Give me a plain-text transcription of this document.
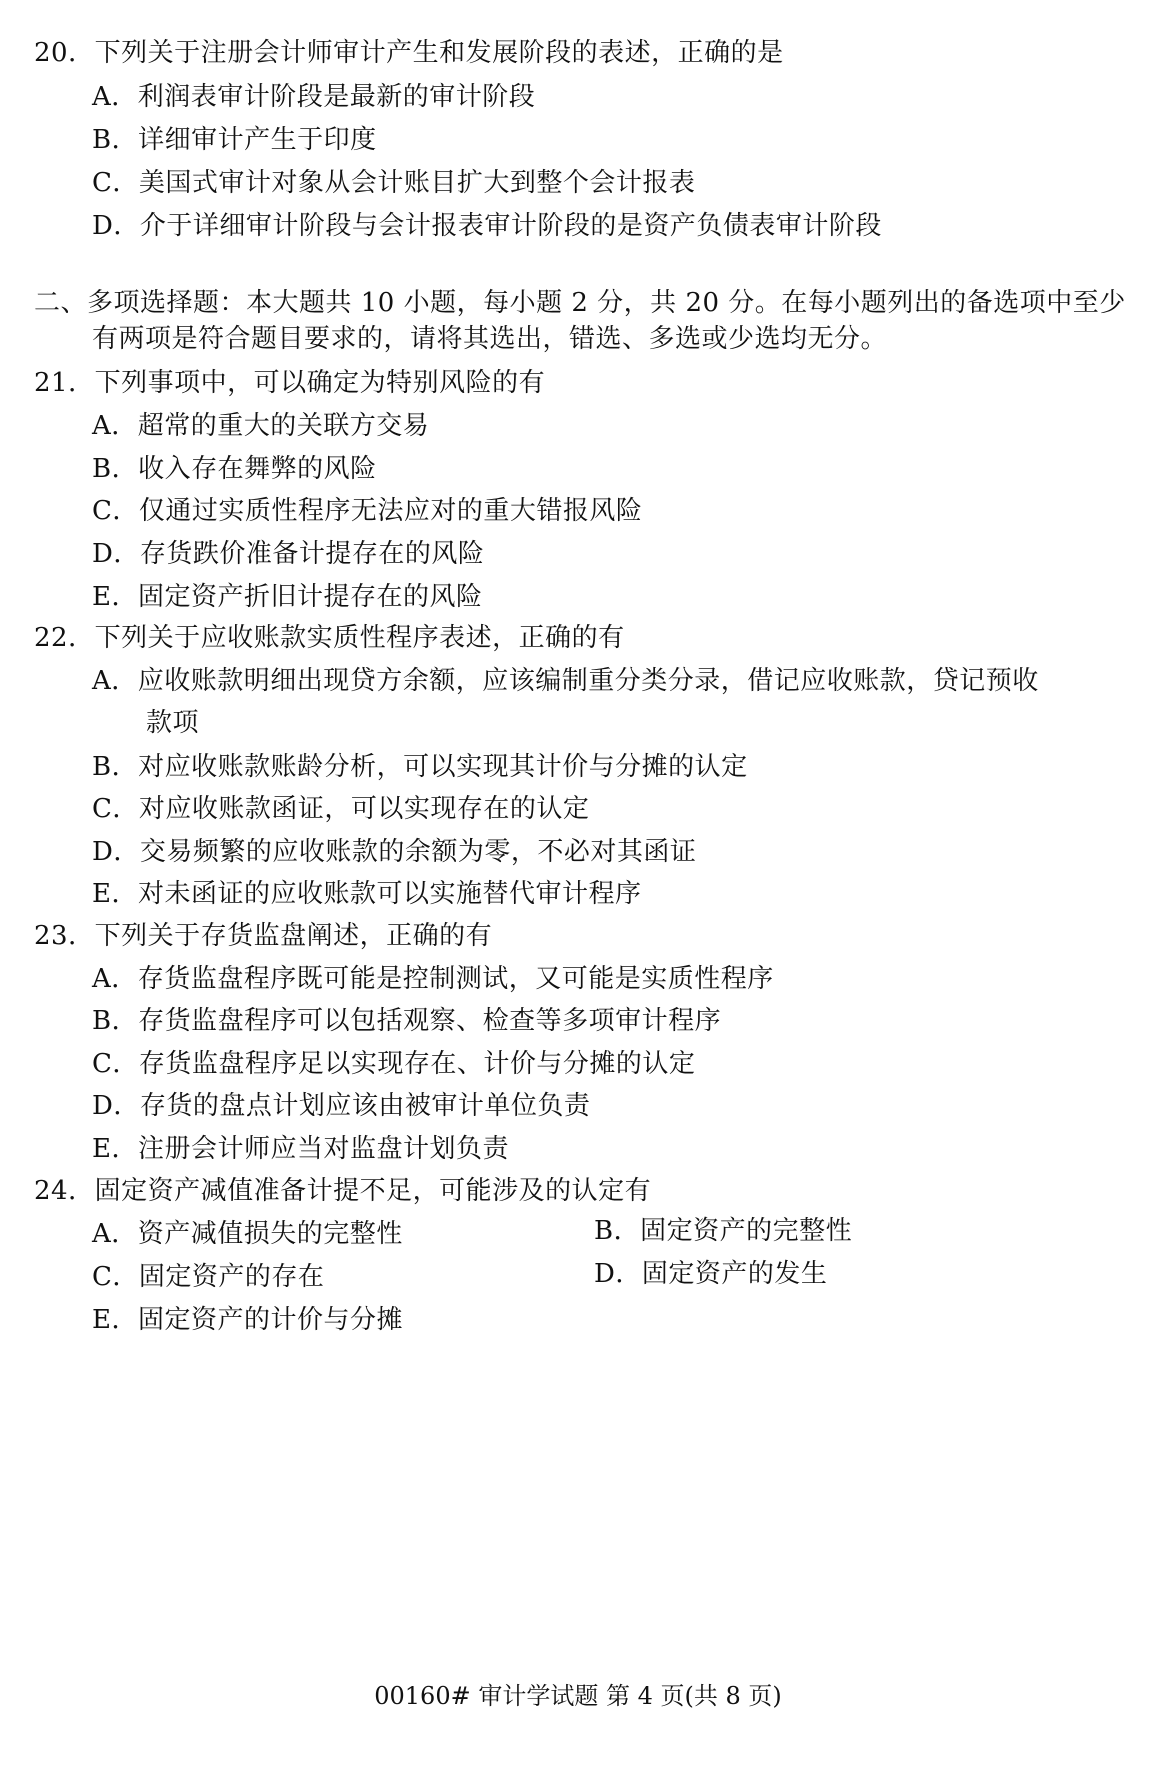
20．下列关于注册会计师审计产生和发展阶段的表述，正确的是
A．利润表审计阶段是最新的审计阶段
B．详细审计产生于印度
C．美国式审计对象从会计账目扩大到整个会计报表
D．介于详细审计阶段与会计报表审计阶段的是资产负债表审计阶段
二、多项选择题：本大题共 10 小题，每小题 2 分，共 20 分。在每小题列出的备选项中至少
有两项是符合题目要求的，请将其选出，错选、多选或少选均无分。
21．下列事项中，可以确定为特别风险的有
A．超常的重大的关联方交易
B．收入存在舞弊的风险
C．仅通过实质性程序无法应对的重大错报风险
D．存货跌价准备计提存在的风险
E．固定资产折旧计提存在的风险
22．下列关于应收账款实质性程序表述，正确的有
A．应收账款明细出现贷方余额，应该编制重分类分录，借记应收账款，贷记预收
款项
B．对应收账款账龄分析，可以实现其计价与分摊的认定
C．对应收账款函证，可以实现存在的认定
D．交易频繁的应收账款的余额为零，不必对其函证
E．对未函证的应收账款可以实施替代审计程序
23．下列关于存货监盘阐述，正确的有
A．存货监盘程序既可能是控制测试，又可能是实质性程序
B．存货监盘程序可以包括观察、检查等多项审计程序
C．存货监盘程序足以实现存在、计价与分摊的认定
D．存货的盘点计划应该由被审计单位负责
E．注册会计师应当对监盘计划负责
24．固定资产减值准备计提不足，可能涉及的认定有
A．资产减值损失的完整性	B．固定资产的完整性
C．固定资产的存在	D．固定资产的发生
E．固定资产的计价与分摊
00160# 审计学试题 第 4 页(共 8 页)
